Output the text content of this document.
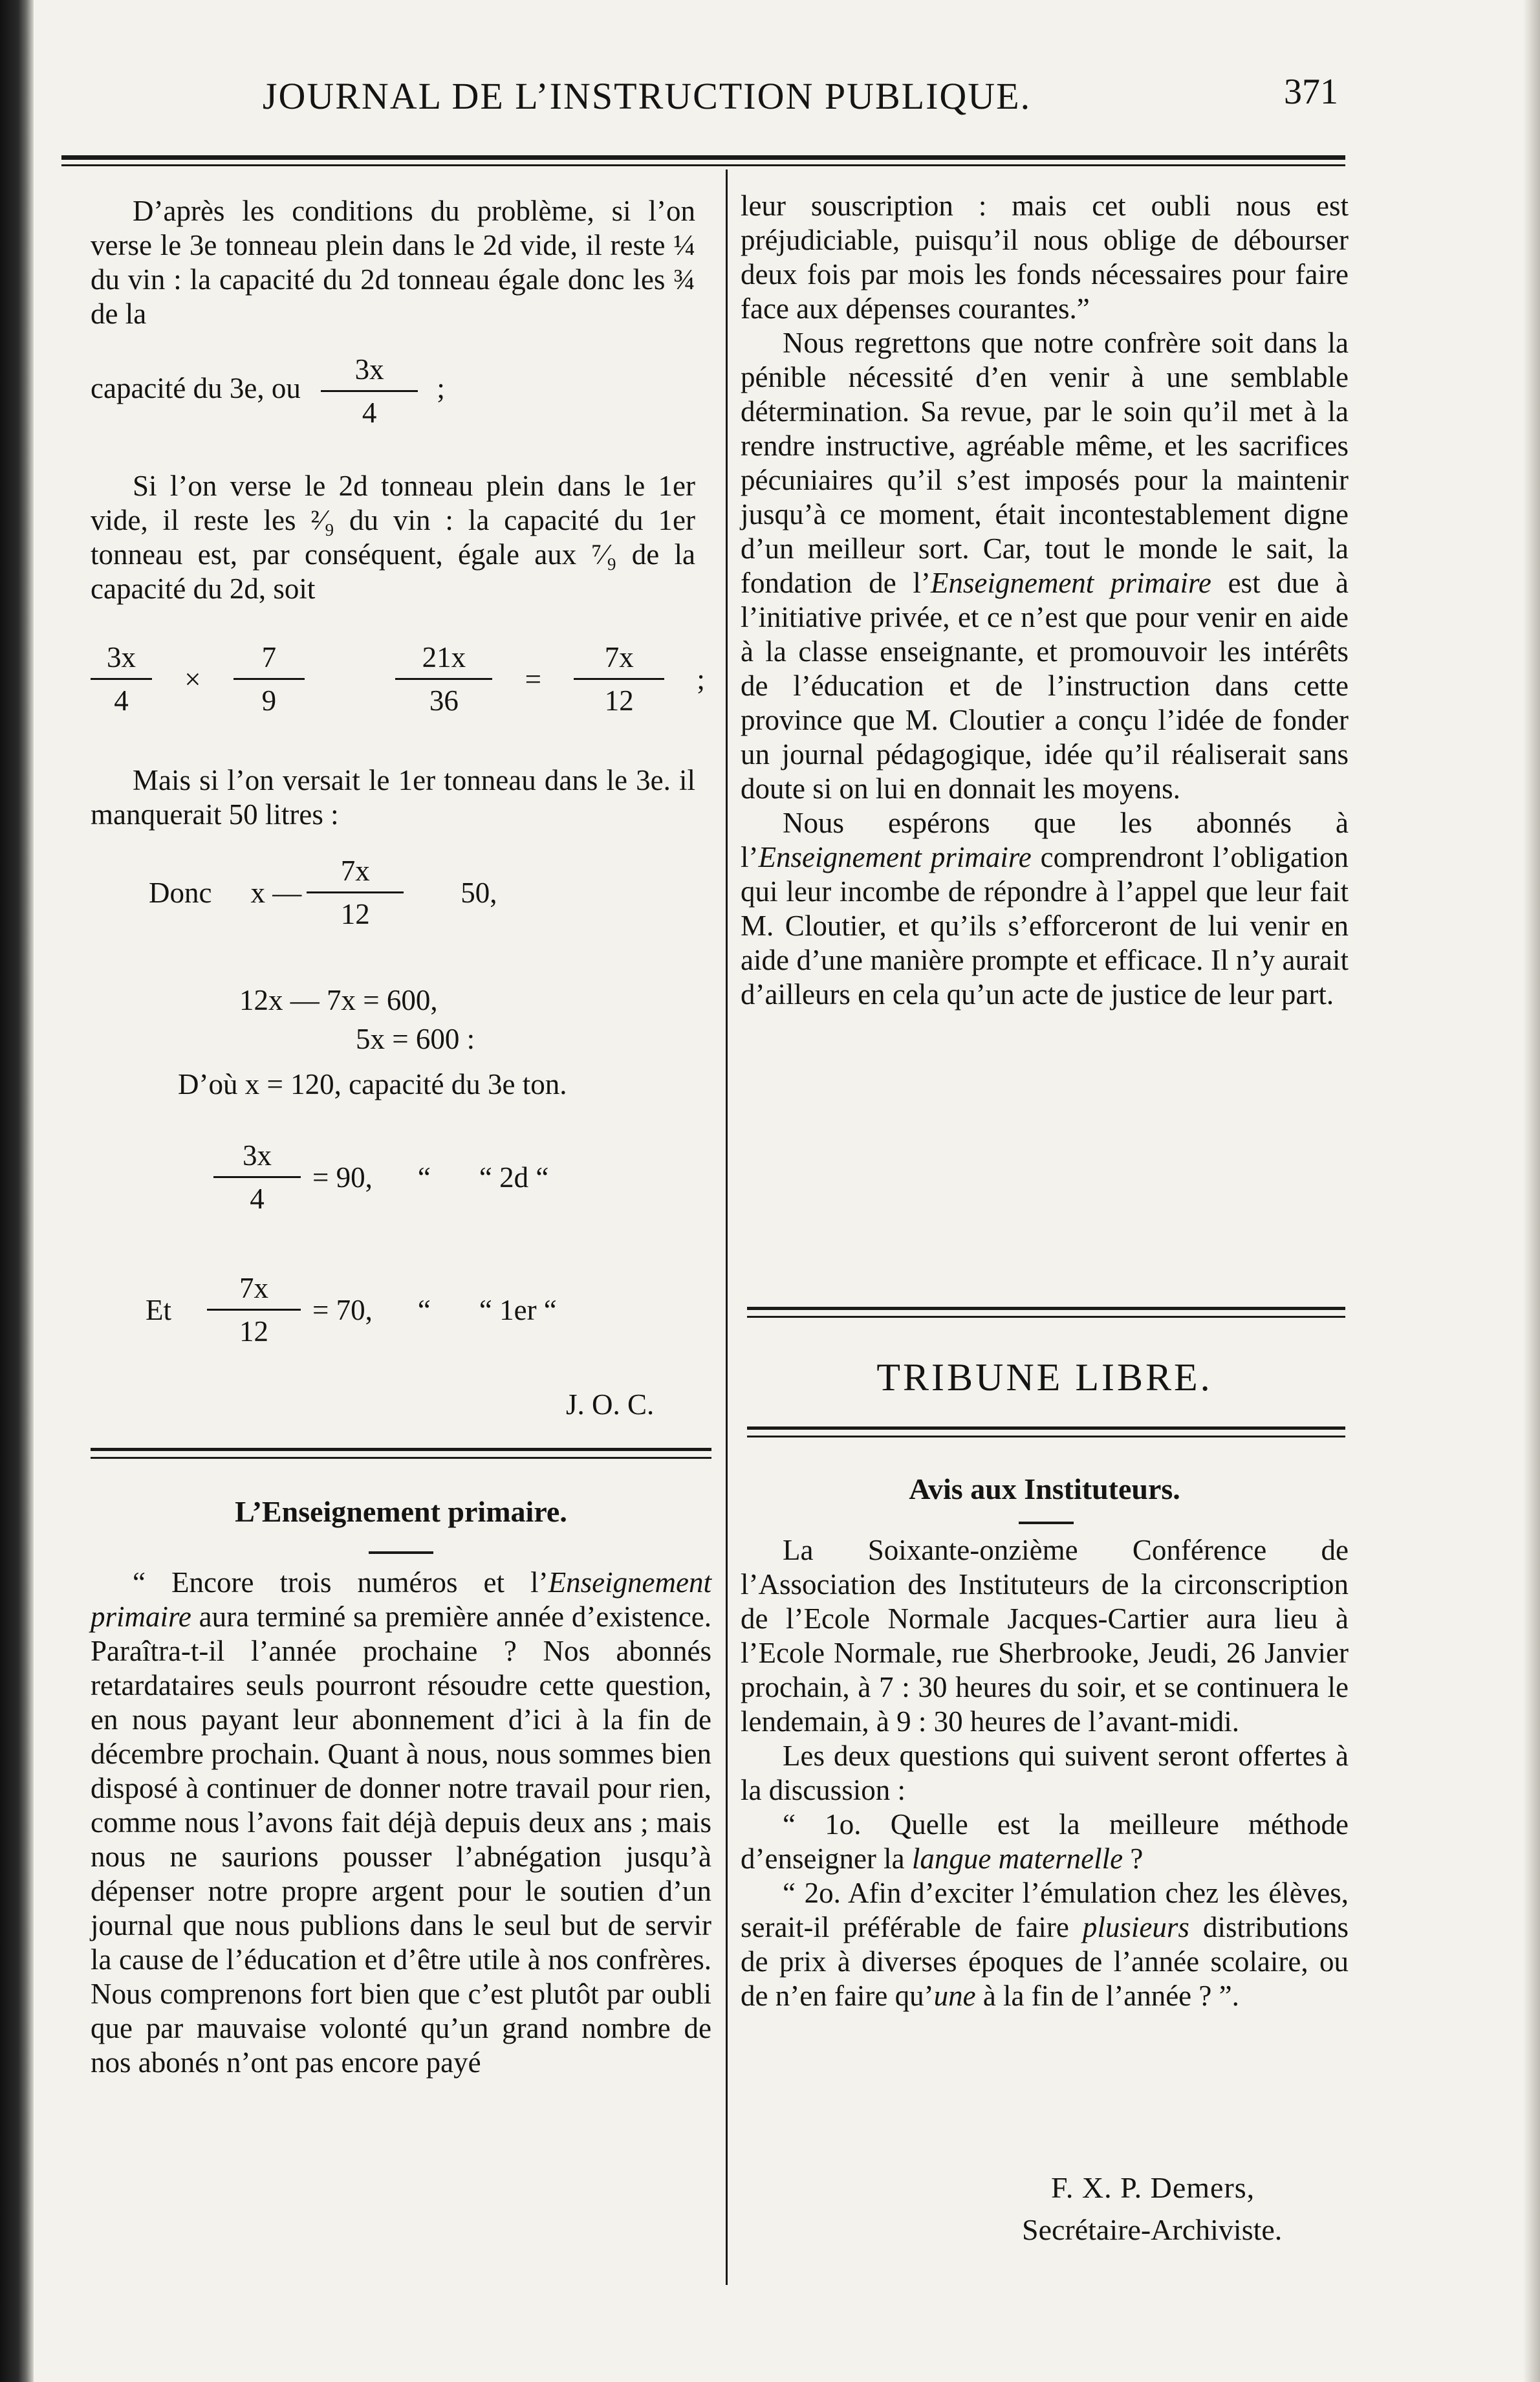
JOURNAL DE L’INSTRUCTION PUBLIQUE.	371

D’après les conditions du problème, si l’on verse le 3e tonneau plein dans le 2d vide, il reste ¼ du vin : la capacité du 2d tonneau égale donc les ¾ de la

capacité du 3e, ou $\frac{3x}{4}$ ;

Si l’on verse le 2d tonneau plein dans le 1er vide, il reste les ²⁄₉ du vin : la capacité du 1er tonneau est, par conséquent, égale aux ⁷⁄₉ de la capacité du 2d, soit

$\frac{3x}{4} \times \frac{7}{9}$	$\frac{21x}{36} = \frac{7x}{12}$ ;

Mais si l’on versait le 1er tonneau dans le 3e. il manquerait 50 litres :

Donc x — $\frac{7x}{12} 50$,
12x — 7x = 600,
5x = 600 :
D’où x = 120, capacité du 3e ton.
$\frac{3x}{4} = 90$, “ “ 2d “
Et $\frac{7x}{12} = 70$, “ “ 1er “
J. O. C.
L’Enseignement primaire.

“ Encore trois numéros et l’Enseignement primaire aura terminé sa première année d’existence. Paraîtra-t-il l’année prochaine ? Nos abonnés retardataires seuls pourront résoudre cette question, en nous payant leur abonnement d’ici à la fin de décembre prochain. Quant à nous, nous sommes bien disposé à continuer de donner notre travail pour rien, comme nous l’avons fait déjà depuis deux ans ; mais nous ne saurions pousser l’abnégation jusqu’à dépenser notre propre argent pour le soutien d’un journal que nous publions dans le seul but de servir la cause de l’éducation et d’être utile à nos confrères. Nous comprenons fort bien que c’est plutôt par oubli que par mauvaise volonté qu’un grand nombre de nos abonés n’ont pas encore payé

leur souscription : mais cet oubli nous est préjudiciable, puisqu’il nous oblige de débourser deux fois par mois les fonds nécessaires pour faire face aux dépenses courantes.”

Nous regrettons que notre confrère soit dans la pénible nécessité d’en venir à une semblable détermination. Sa revue, par le soin qu’il met à la rendre instructive, agréable même, et les sacrifices pécuniaires qu’il s’est imposés pour la maintenir jusqu’à ce moment, était incontestablement digne d’un meilleur sort. Car, tout le monde le sait, la fondation de l’Enseignement primaire est due à l’initiative privée, et ce n’est que pour venir en aide à la classe enseignante, et promouvoir les intérêts de l’éducation et de l’instruction dans cette province que M. Cloutier a conçu l’idée de fonder un journal pédagogique, idée qu’il réaliserait sans doute si on lui en donnait les moyens.

Nous espérons que les abonnés à l’Enseignement primaire comprendront l’obligation qui leur incombe de répondre à l’appel que leur fait M. Cloutier, et qu’ils s’efforceront de lui venir en aide d’une manière prompte et efficace. Il n’y aurait d’ailleurs en cela qu’un acte de justice de leur part.

TRIBUNE LIBRE.
Avis aux Instituteurs.

La Soixante-onzième Conférence de l’Association des Instituteurs de la circonscription de l’Ecole Normale Jacques-Cartier aura lieu à l’Ecole Normale, rue Sherbrooke, Jeudi, 26 Janvier prochain, à 7 : 30 heures du soir, et se continuera le lendemain, à 9 : 30 heures de l’avant-midi.

Les deux questions qui suivent seront offertes à la discussion :

“ 1o. Quelle est la meilleure méthode d’enseigner la langue maternelle ?

“ 2o. Afin d’exciter l’émulation chez les élèves, serait-il préférable de faire plusieurs distributions de prix à diverses époques de l’année scolaire, ou de n’en faire qu’une à la fin de l’année ? ”.

F. X. P. Demers,
Secrétaire-Archiviste.
